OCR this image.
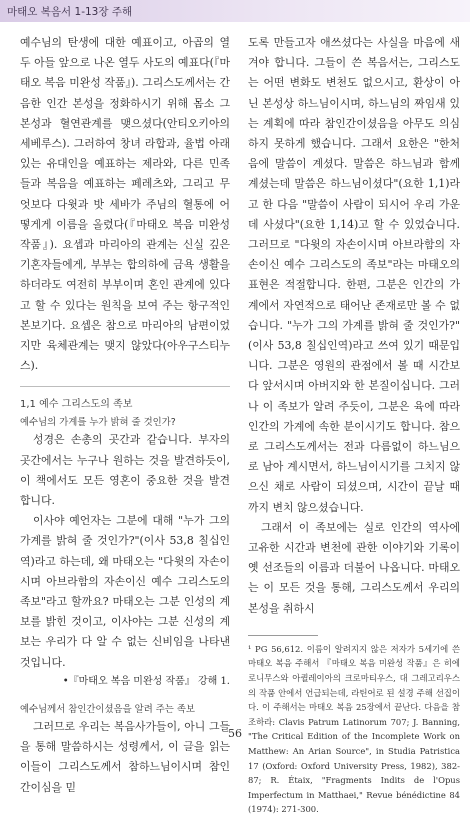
마태오 복음서 1-13장 주해

예수님의 탄생에 대한 예표이고, 아곱의 열두 아들 앞으로 나온 열두 사도의 예표다(『마태오 복음 미완성 작품』). 그리스도께서는 간음한 인간 본성을 정화하시기 위해 몸소 그 본성과 혈연관계를 맺으셨다(안티오키아의 세베루스). 그러하여 창녀 라합과, 율법 아래 있는 유대인을 예표하는 제라와, 다른 민족들과 복음을 예표하는 페레츠와, 그리고 무엇보다 다윗과 밧 세바가 주님의 혈통에 어떻게게 이름을 올렸다(『마태오 복음 미완성 작품』). 요셉과 마리아의 관계는 신실 깊은 기혼자들에게, 부부는 합의하에 금욕 생활을 하더라도 여전히 부부이며 혼인 관계에 있다고 할 수 있다는 원칙을 보여 주는 항구적인 본보기다. 요셉은 참으로 마리아의 남편이었지만 육체관계는 맺지 않았다(아우구스티누스).

1,1 예수 그리스도의 족보
예수님의 가계를 누가 밝혀 줄 것인가?

성경은 손총의 곳간과 같습니다. 부자의 곳간에서는 누구나 원하는 것을 발견하듯이, 이 책에서도 모든 영혼이 중요한 것을 발견합니다.

이사야 예언자는 그분에 대해 "누가 그의 가계를 밝혀 줄 것인가?"(이사 53,8 칠십인역)라고 하는데, 왜 마태오는 "다윗의 자손이시며 아브라함의 자손이신 예수 그리스도의 족보"라고 할까요? 마태오는 그분 인성의 계보를 밝힌 것이고, 이사야는 그분 신성의 계보는 우리가 다 알 수 없는 신비임을 나타낸 것입니다.

•『마태오 복음 미완성 작품』 강해 1.

예수님께서 참인간이셨음을 알려 주는 족보

그러므로 우리는 복음사가들이, 아니 그들을 통해 말씀하시는 성령께서, 이 글을 읽는 이들이 그리스도께서 참하느님이시며 참인간이심을 믿

도록 만들고자 애쓰셨다는 사실을 마음에 새겨야 합니다. 그들이 쓴 복음서는, 그리스도는 어떤 변화도 변천도 없으시고, 환상이 아닌 본성상 하느님이시며, 하느님의 짜임새 있는 계획에 따라 참인간이셨음을 아무도 의심하지 못하게 했습니다. 그래서 요한은 "한처음에 말씀이 계셨다. 말씀은 하느님과 함께 계셨는데 말씀은 하느님이셨다"(요한 1,1)라고 한 다음 "말씀이 사람이 되시어 우리 가운데 사셨다"(요한 1,14)고 할 수 있었습니다. 그러므로 "다윗의 자손이시며 아브라함의 자손이신 예수 그리스도의 족보"라는 마태오의 표현은 적절합니다. 한편, 그분은 인간의 가계에서 자연적으로 태어난 존재로만 볼 수 없습니다. "누가 그의 가계를 밝혀 줄 것인가?"(이사 53,8 칠십인역)라고 쓰여 있기 때문입니다. 그분은 영원의 관점에서 볼 때 시간보다 앞서시며 아버지와 한 본질이십니다. 그러나 이 족보가 알려 주듯이, 그분은 육에 따라 인간의 가계에 속한 분이시기도 합니다. 참으로 그리스도께서는 전과 다름없이 하느님으로 남아 계시면서, 하느님이시기를 그치지 않으신 채로 사람이 되셨으며, 시간이 끝날 때까지 변치 않으셨습니다.

그래서 이 족보에는 실로 인간의 역사에 고유한 시간과 변천에 관한 이야기와 기록이 옛 선조들의 이름과 더불어 나옵니다. 마태오는 이 모든 것을 통해, 그리스도께서 우리의 본성을 취하시

¹ PG 56,612. 이름이 알려지지 않은 저자가 5세기에 쓴 마태오 복음 주해서 『마태오 복음 미완성 작품』은 히에로니무스와 아퀼레이아의 크로마티우스, 대 그레고리우스의 작품 안에서 언급되는데, 라틴어로 된 설경 주해 선집이다. 이 주해서는 마태오 복음 25장에서 끝난다. 다음을 참조하라: Clavis Patrum Latinorum 707; J. Banning, "The Critical Edition of the Incomplete Work on Matthew: An Arian Source", in Studia Patristica 17 (Oxford: Oxford University Press, 1982), 382-87; R. Étaix, "Fragments Indits de l'Opus Imperfectum in Matthaei," Revue bénédictine 84 (1974): 271-300.

56
